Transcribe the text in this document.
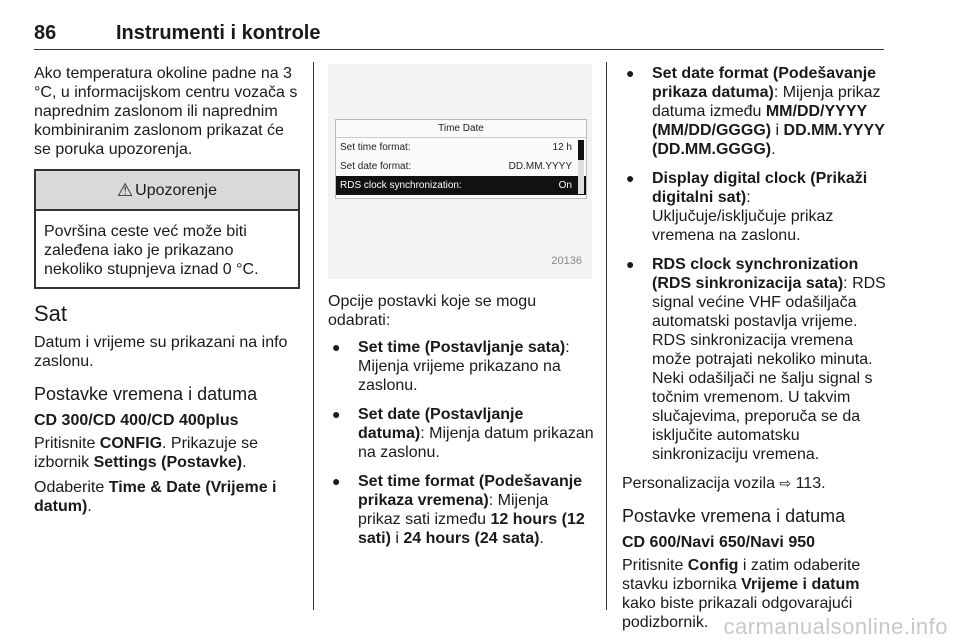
86	Instrumenti i kontrole

Ako temperatura okoline padne na 3 °C, u informacijskom centru vozača s naprednim zaslonom ili naprednim kombiniranim zaslonom prikazat će se poruka upozorenja.

⚠ Upozorenje
Površina ceste već može biti zaleđena iako je prikazano nekoliko stupnjeva iznad 0 °C.
Sat

Datum i vrijeme su prikazani na info zaslonu.

Postavke vremena i datuma
CD 300/CD 400/CD 400plus

Pritisnite CONFIG. Prikazuje se izbornik Settings (Postavke).

Odaberite Time & Date (Vrijeme i datum).

Time Date
Set time format:	12 h
Set date format:	DD.MM.YYYY
RDS clock synchronization:	On
20136

Opcije postavki koje se mogu odabrati:

● Set time (Postavljanje sata): Mijenja vrijeme prikazano na zaslonu.
● Set date (Postavljanje datuma): Mijenja datum prikazan na zaslonu.
● Set time format (Podešavanje prikaza vremena): Mijenja prikaz sati između 12 hours (12 sati) i 24 hours (24 sata).
● Set date format (Podešavanje prikaza datuma): Mijenja prikaz datuma između MM/DD/YYYY (MM/DD/GGGG) i DD.MM.YYYY (DD.MM.GGGG).
● Display digital clock (Prikaži digitalni sat): Uključuje/isključuje prikaz vremena na zaslonu.
● RDS clock synchronization (RDS sinkronizacija sata): RDS signal većine VHF odašiljača automatski postavlja vrijeme. RDS sinkronizacija vremena može potrajati nekoliko minuta. Neki odašiljači ne šalju signal s točnim vremenom. U takvim slučajevima, preporuča se da isključite automatsku sinkronizaciju vremena.

Personalizacija vozila ⇨ 113.

Postavke vremena i datuma
CD 600/Navi 650/Navi 950

Pritisnite Config i zatim odaberite stavku izbornika Vrijeme i datum kako biste prikazali odgovarajući podizbornik. carmanualsonline.info
